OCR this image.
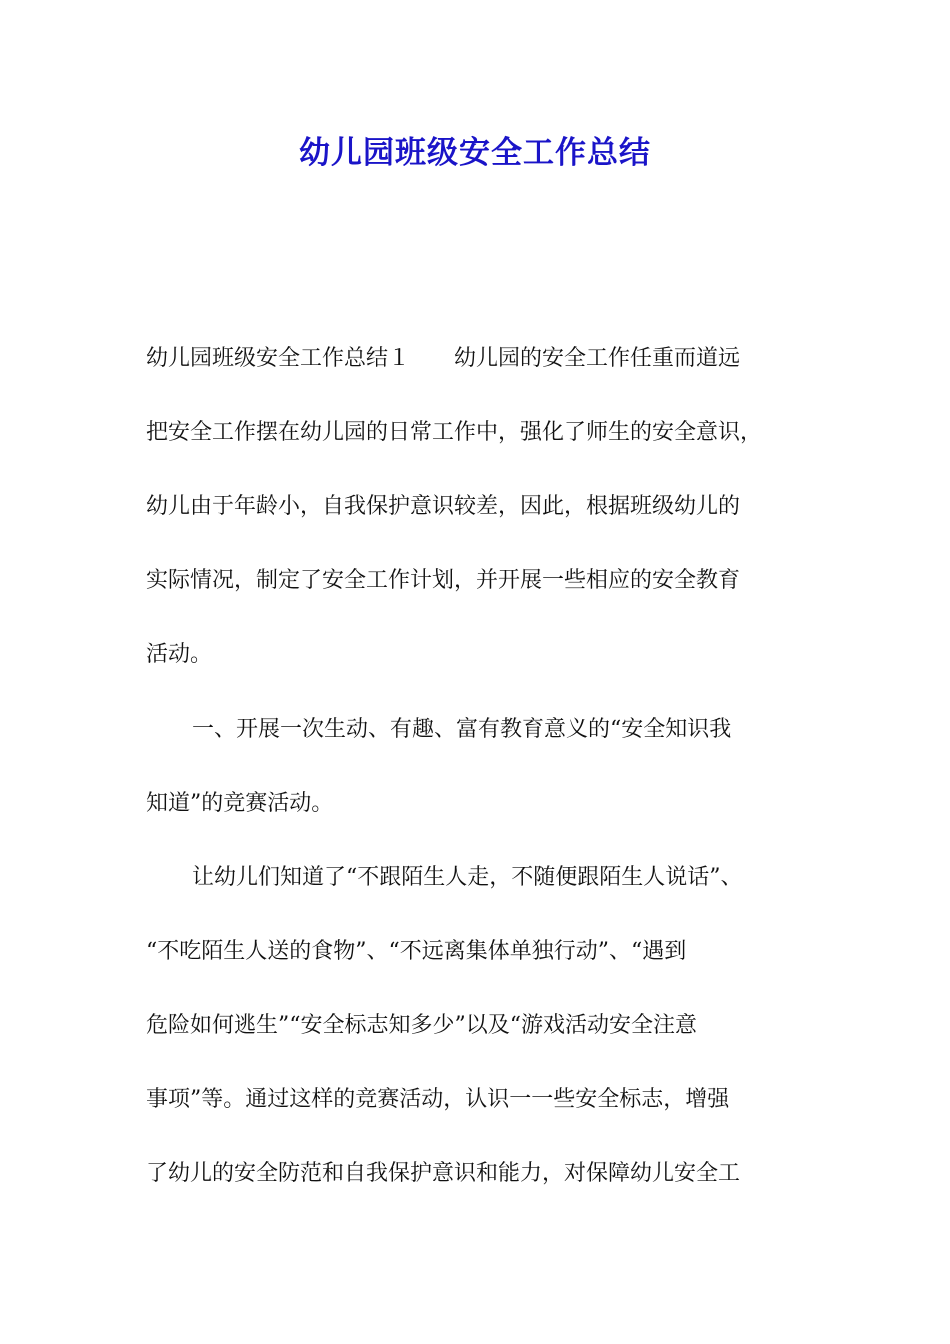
幼儿园班级安全工作总结

幼儿园班级安全工作总结１　　幼儿园的安全工作任重而道远

把安全工作摆在幼儿园的日常工作中，强化了师生的安全意识，

幼儿由于年龄小，自我保护意识较差，因此，根据班级幼儿的

实际情况，制定了安全工作计划，并开展一些相应的安全教育

活动。

一、开展一次生动、有趣、富有教育意义的“安全知识我

知道”的竞赛活动。

让幼儿们知道了“不跟陌生人走，不随便跟陌生人说话”、

“不吃陌生人送的食物”、“不远离集体单独行动”、“遇到

危险如何逃生”“安全标志知多少”以及“游戏活动安全注意

事项”等。通过这样的竞赛活动，认识一一些安全标志，增强

了幼儿的安全防范和自我保护意识和能力，对保障幼儿安全工
